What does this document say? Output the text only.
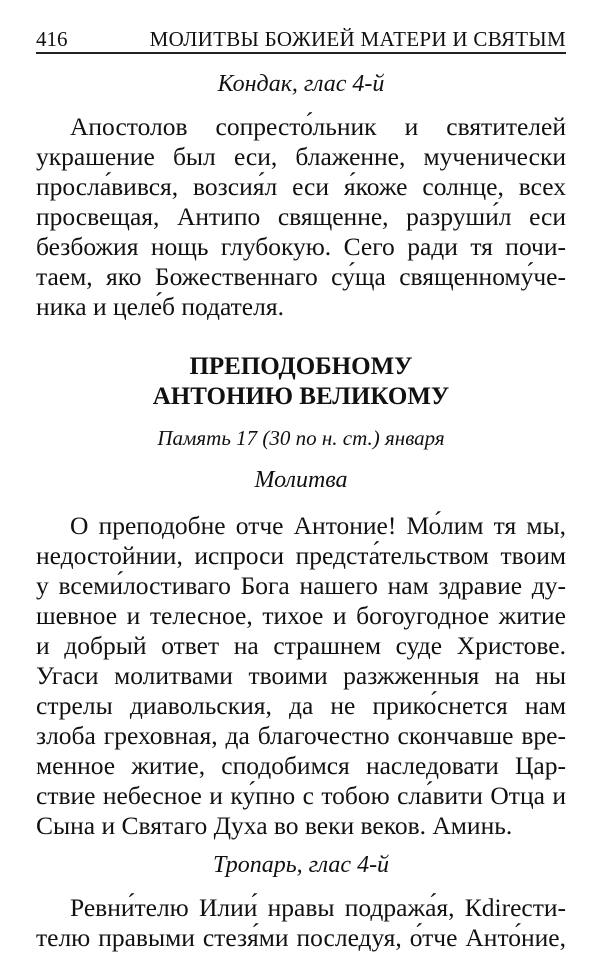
416	МОЛИТВЫ БОЖИЕЙ МАТЕРИ И СВЯТЫМ
Кондак, глас 4-й
Апостолов сопресто́льник и святителей
украшение был еси, блаженне, мученически
просла́вився, возсия́л еси я́коже солнце, всех
просвещая, Антипо священне, разруши́л еси
безбожия нощь глубокую. Сего ради тя почи-
таем, яко Божественнаго су́ща священному́че-
ника и целе́б подателя.
ПРЕПОДОБНОМУ
АНТОНИЮ ВЕЛИКОМУ
Память 17 (30 по н. ст.) января
Молитва
О преподобне отче Антоние! Мо́лим тя мы,
недостойнии, испроси предста́тельством твоим
у всеми́лостиваго Бога нашего нам здравие ду-
шевное и телесное, тихое и богоугодное житие
и добрый ответ на страшнем суде Христове.
Угаси молитвами твоими разжженныя на ны
стрелы диавольския, да не прико́снется нам
злоба греховная, да благочестно скончавше вре-
менное житие, сподобимся наследовати Цар-
ствие небесное и ку́пно с тобою сла́вити Отца и
Сына и Святаго Духа во веки веков. Аминь.
Тропарь, глас 4-й
Ревни́телю Илии́ нравы подража́я, Кdireсти-
телю правыми стезя́ми последуя, о́тче Анто́ние,
